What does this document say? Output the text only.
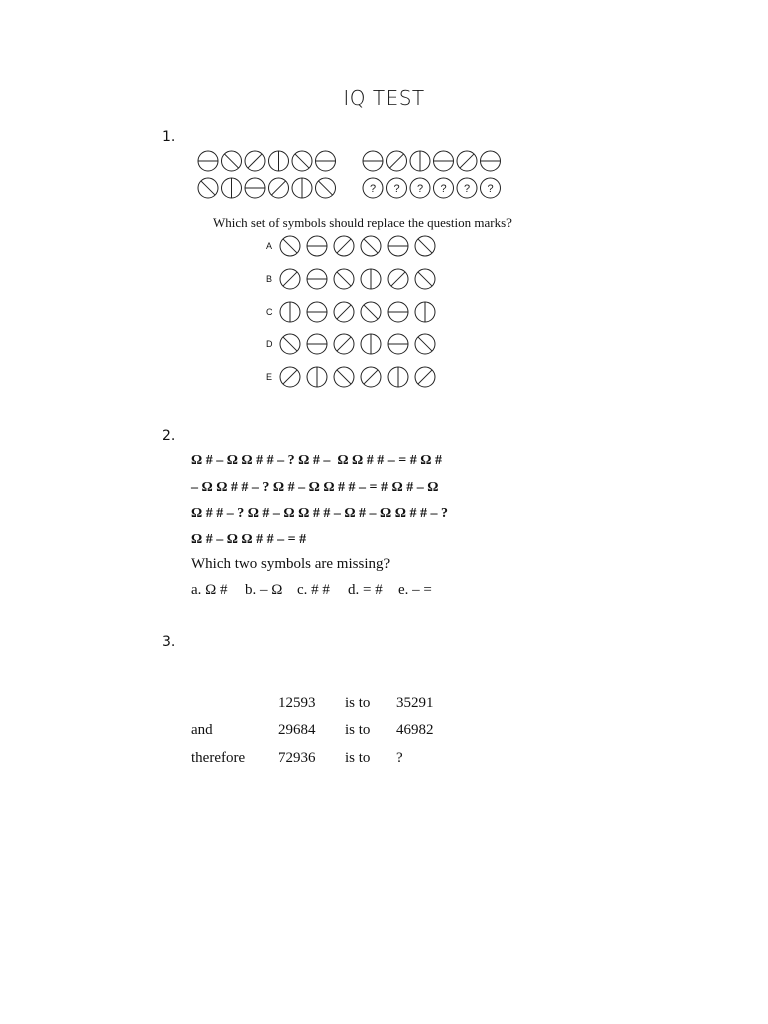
IQ TEST
1.
? ? ? ? ? ?
Which set of symbols should replace the question marks?
A
B
C
D
E
2.
Ω # – Ω Ω # # – ? Ω # –  Ω Ω # # – = # Ω #
– Ω Ω # # – ? Ω # – Ω Ω # # – = # Ω # – Ω
Ω # # – ? Ω # – Ω Ω # # – Ω # – Ω Ω # # – ?
Ω # – Ω Ω # # – = #
Which two symbols are missing?
a. Ω # b. – Ω c. # # d. = # e. – =
3.
12593 is to 35291
and	29684 is to 46982
therefore 72936 is to ?
